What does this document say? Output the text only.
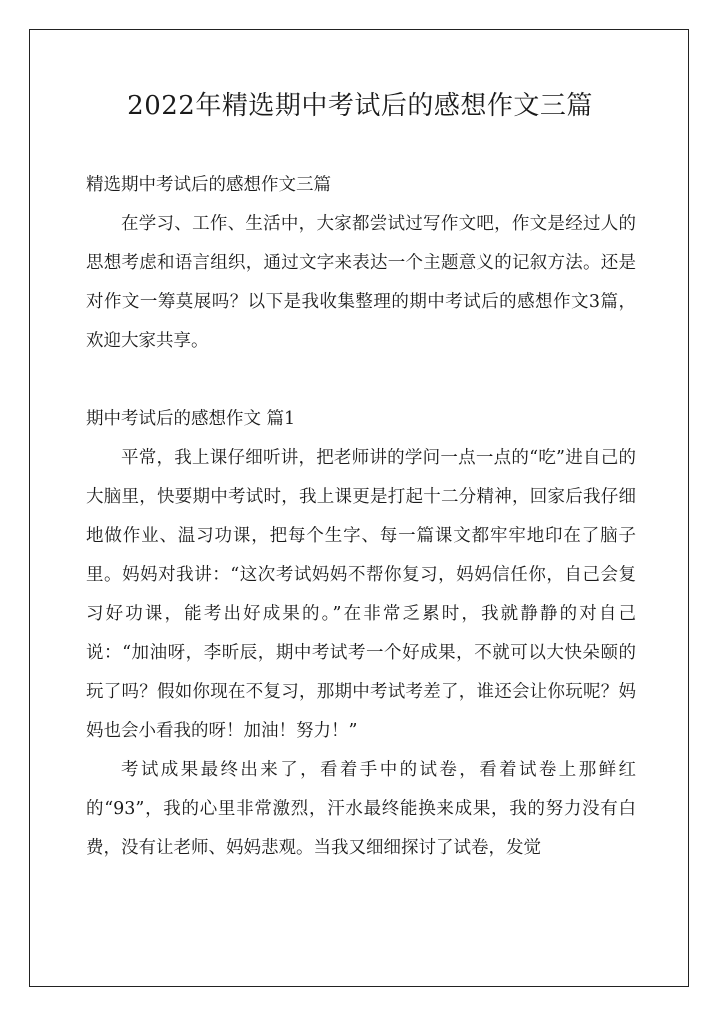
2022年精选期中考试后的感想作文三篇

精选期中考试后的感想作文三篇

在学习、工作、生活中，大家都尝试过写作文吧，作文是经过人的思想考虑和语言组织，通过文字来表达一个主题意义的记叙方法。还是对作文一筹莫展吗？以下是我收集整理的期中考试后的感想作文3篇，欢迎大家共享。

期中考试后的感想作文 篇1

平常，我上课仔细听讲，把老师讲的学问一点一点的“吃”进自己的大脑里，快要期中考试时，我上课更是打起十二分精神，回家后我仔细地做作业、温习功课，把每个生字、每一篇课文都牢牢地印在了脑子里。妈妈对我讲：“这次考试妈妈不帮你复习，妈妈信任你，自己会复习好功课，能考出好成果的。”在非常乏累时，我就静静的对自己说：“加油呀，李昕辰，期中考试考一个好成果，不就可以大快朵颐的玩了吗？假如你现在不复习，那期中考试考差了，谁还会让你玩呢？妈妈也会小看我的呀！加油！努力！”

考试成果最终出来了，看着手中的试卷，看着试卷上那鲜红的“93”，我的心里非常激烈，汗水最终能换来成果，我的努力没有白费，没有让老师、妈妈悲观。当我又细细探讨了试卷，发觉
